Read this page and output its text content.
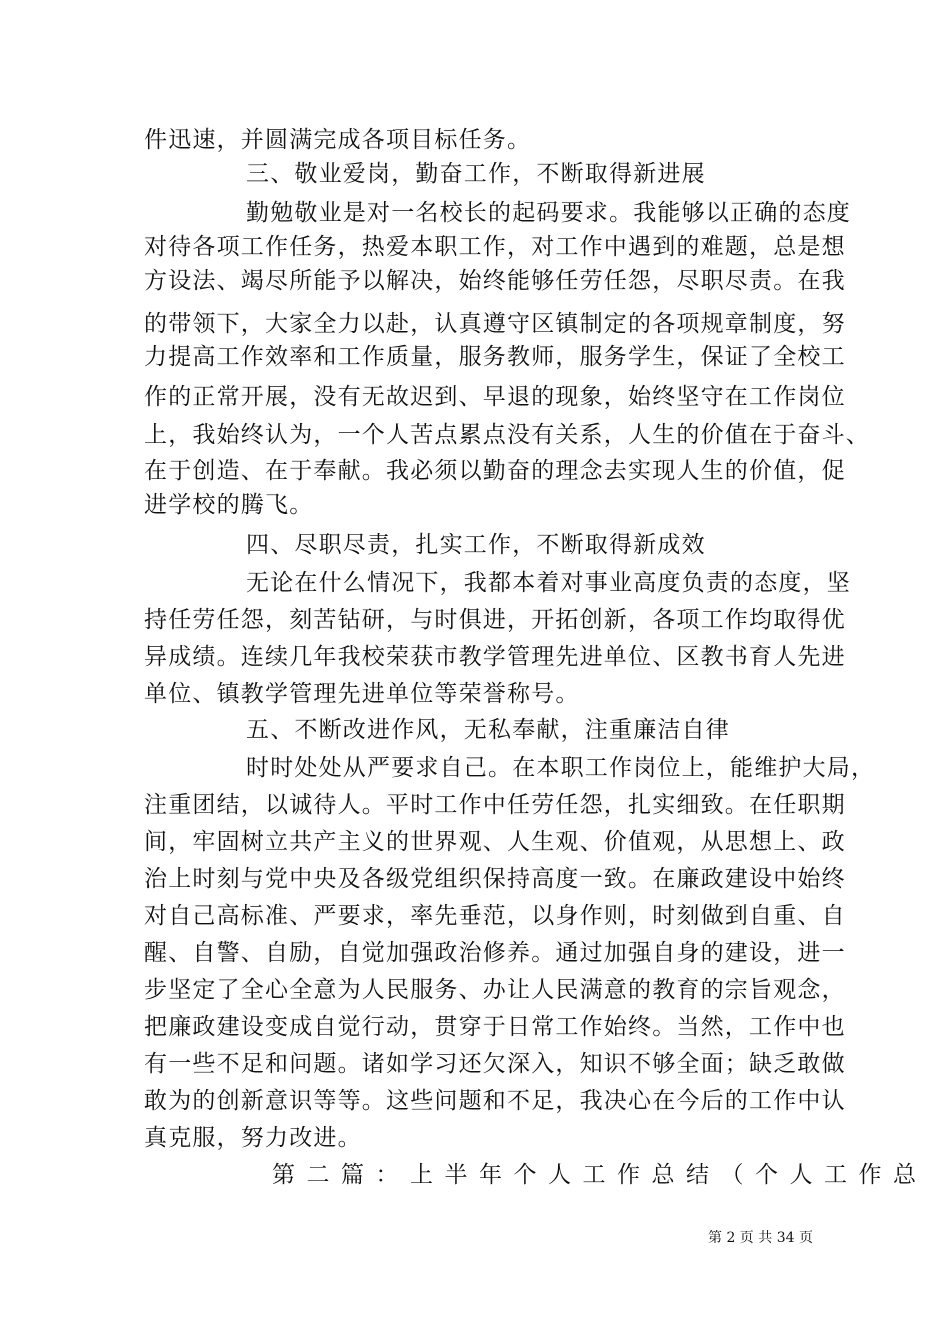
件迅速，并圆满完成各项目标任务。
三、敬业爱岗，勤奋工作，不断取得新进展
勤勉敬业是对一名校长的起码要求。我能够以正确的态度
对待各项工作任务，热爱本职工作，对工作中遇到的难题，总是想
方设法、竭尽所能予以解决，始终能够任劳任怨，尽职尽责。在我
的带领下，大家全力以赴，认真遵守区镇制定的各项规章制度，努
力提高工作效率和工作质量，服务教师，服务学生，保证了全校工
作的正常开展，没有无故迟到、早退的现象，始终坚守在工作岗位
上，我始终认为，一个人苦点累点没有关系，人生的价值在于奋斗、
在于创造、在于奉献。我必须以勤奋的理念去实现人生的价值，促
进学校的腾飞。
四、尽职尽责，扎实工作，不断取得新成效
无论在什么情况下，我都本着对事业高度负责的态度，坚
持任劳任怨，刻苦钻研，与时俱进，开拓创新，各项工作均取得优
异成绩。连续几年我校荣获市教学管理先进单位、区教书育人先进
单位、镇教学管理先进单位等荣誉称号。
五、不断改进作风，无私奉献，注重廉洁自律
时时处处从严要求自己。在本职工作岗位上，能维护大局，
注重团结，以诚待人。平时工作中任劳任怨，扎实细致。在任职期
间，牢固树立共产主义的世界观、人生观、价值观，从思想上、政
治上时刻与党中央及各级党组织保持高度一致。在廉政建设中始终
对自己高标准、严要求，率先垂范，以身作则，时刻做到自重、自
醒、自警、自励，自觉加强政治修养。通过加强自身的建设，进一
步坚定了全心全意为人民服务、办让人民满意的教育的宗旨观念，
把廉政建设变成自觉行动，贯穿于日常工作始终。当然，工作中也
有一些不足和问题。诸如学习还欠深入，知识不够全面；缺乏敢做
敢为的创新意识等等。这些问题和不足，我决心在今后的工作中认
真克服，努力改进。
第二篇：上半年个人工作总结（个人工作总
第 2 页 共 34 页
